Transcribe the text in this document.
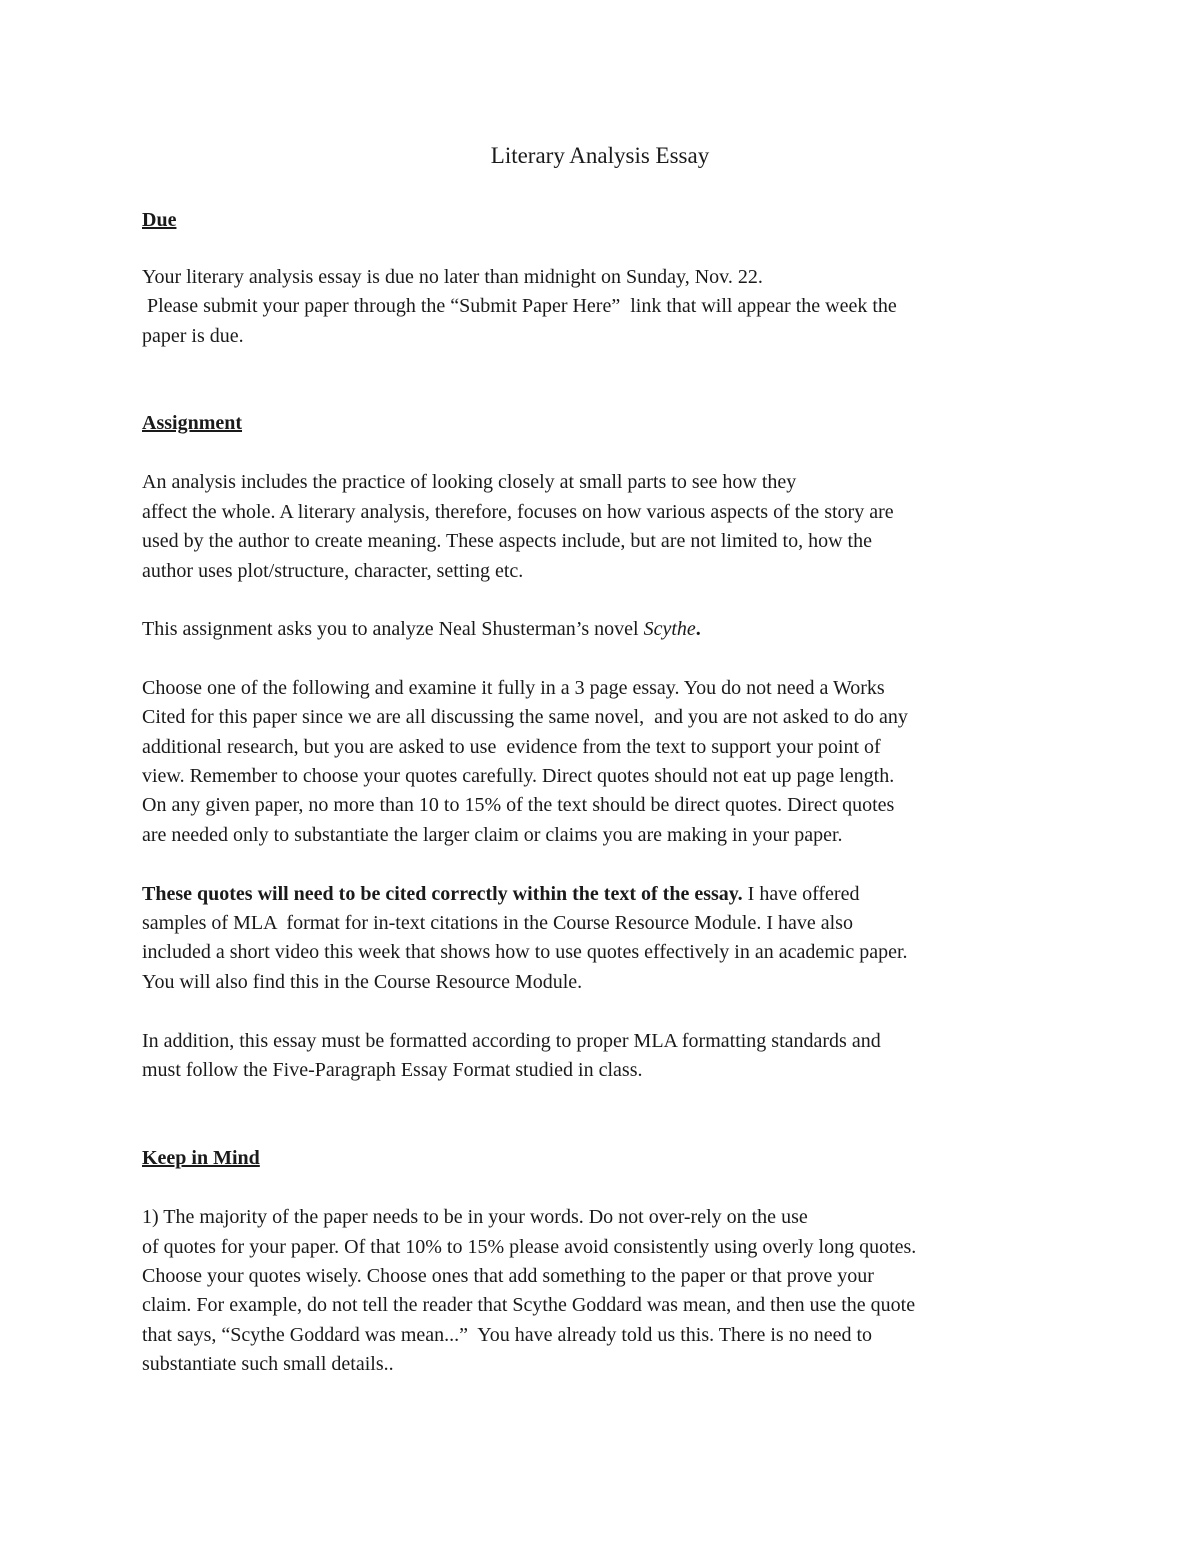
Literary Analysis Essay
Due
Your literary analysis essay is due no later than midnight on Sunday, Nov. 22.
Please submit your paper through the “Submit Paper Here”  link that will appear the week the
paper is due.
Assignment
An analysis includes the practice of looking closely at small parts to see how they
affect the whole. A literary analysis, therefore, focuses on how various aspects of the story are
used by the author to create meaning. These aspects include, but are not limited to, how the
author uses plot/structure, character, setting etc.
This assignment asks you to analyze Neal Shusterman’s novel Scythe.
Choose one of the following and examine it fully in a 3 page essay. You do not need a Works
Cited for this paper since we are all discussing the same novel,  and you are not asked to do any
additional research, but you are asked to use  evidence from the text to support your point of
view. Remember to choose your quotes carefully. Direct quotes should not eat up page length.
On any given paper, no more than 10 to 15% of the text should be direct quotes. Direct quotes
are needed only to substantiate the larger claim or claims you are making in your paper.
These quotes will need to be cited correctly within the text of the essay. I have offered
samples of MLA  format for in-text citations in the Course Resource Module. I have also
included a short video this week that shows how to use quotes effectively in an academic paper.
You will also find this in the Course Resource Module.
In addition, this essay must be formatted according to proper MLA formatting standards and
must follow the Five-Paragraph Essay Format studied in class.
Keep in Mind
1) The majority of the paper needs to be in your words. Do not over-rely on the use
of quotes for your paper. Of that 10% to 15% please avoid consistently using overly long quotes.
Choose your quotes wisely. Choose ones that add something to the paper or that prove your
claim. For example, do not tell the reader that Scythe Goddard was mean, and then use the quote
that says, “Scythe Goddard was mean...”  You have already told us this. There is no need to
substantiate such small details..
